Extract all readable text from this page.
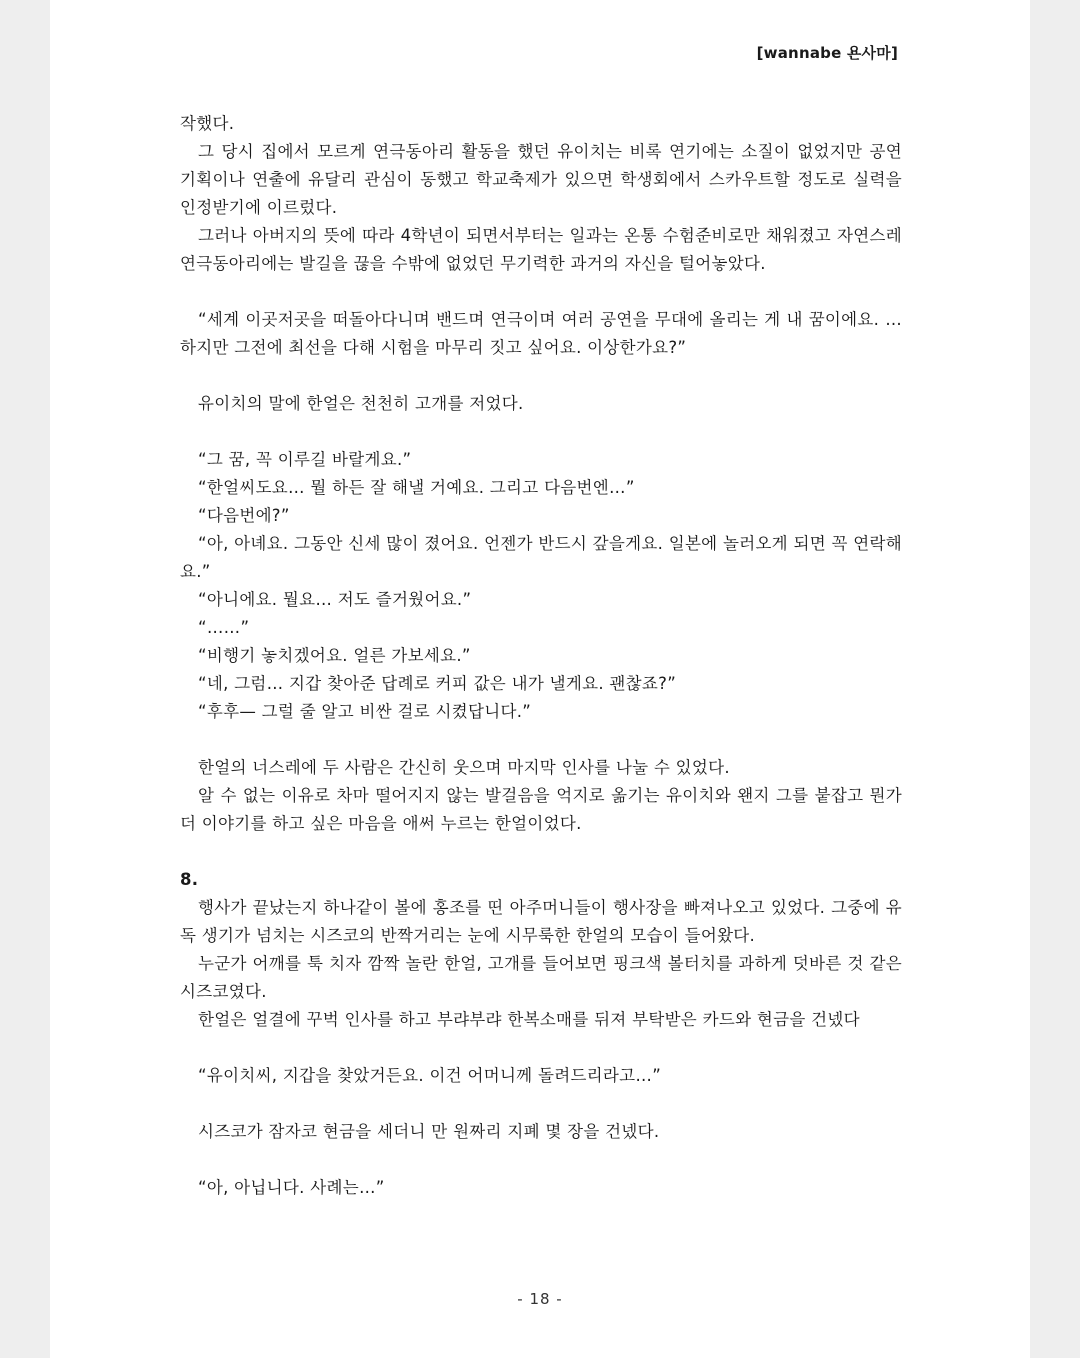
[wannabe 욘사마]

작했다.

그 당시 집에서 모르게 연극동아리 활동을 했던 유이치는 비록 연기에는 소질이 없었지만 공연 기획이나 연출에 유달리 관심이 동했고 학교축제가 있으면 학생회에서 스카우트할 정도로 실력을 인정받기에 이르렀다.

그러나 아버지의 뜻에 따라 4학년이 되면서부터는 일과는 온통 수험준비로만 채워졌고 자연스레 연극동아리에는 발길을 끊을 수밖에 없었던 무기력한 과거의 자신을 털어놓았다.

“세계 이곳저곳을 떠돌아다니며 밴드며 연극이며 여러 공연을 무대에 올리는 게 내 꿈이에요. …하지만 그전에 최선을 다해 시험을 마무리 짓고 싶어요. 이상한가요?”

유이치의 말에 한얼은 천천히 고개를 저었다.

“그 꿈, 꼭 이루길 바랄게요.”

“한얼씨도요… 뭘 하든 잘 해낼 거예요. 그리고 다음번엔…”

“다음번에?”

“아, 아녜요. 그동안 신세 많이 졌어요. 언젠가 반드시 갚을게요. 일본에 놀러오게 되면 꼭 연락해요.”

“아니에요. 뭘요… 저도 즐거웠어요.”

“……”

“비행기 놓치겠어요. 얼른 가보세요.”

“네, 그럼… 지갑 찾아준 답례로 커피 값은 내가 낼게요. 괜찮죠?”

“후후— 그럴 줄 알고 비싼 걸로 시켰답니다.”

한얼의 너스레에 두 사람은 간신히 웃으며 마지막 인사를 나눌 수 있었다.

알 수 없는 이유로 차마 떨어지지 않는 발걸음을 억지로 옮기는 유이치와 왠지 그를 붙잡고 뭔가 더 이야기를 하고 싶은 마음을 애써 누르는 한얼이었다.

8.

행사가 끝났는지 하나같이 볼에 홍조를 띤 아주머니들이 행사장을 빠져나오고 있었다. 그중에 유독 생기가 넘치는 시즈코의 반짝거리는 눈에 시무룩한 한얼의 모습이 들어왔다.

누군가 어깨를 툭 치자 깜짝 놀란 한얼, 고개를 들어보면 핑크색 볼터치를 과하게 덧바른 것 같은 시즈코였다.

한얼은 얼결에 꾸벅 인사를 하고 부랴부랴 한복소매를 뒤져 부탁받은 카드와 현금을 건넸다

“유이치씨, 지갑을 찾았거든요. 이건 어머니께 돌려드리라고…”

시즈코가 잠자코 현금을 세더니 만 원짜리 지폐 몇 장을 건넸다.

“아, 아닙니다. 사례는…”

- 18 -
